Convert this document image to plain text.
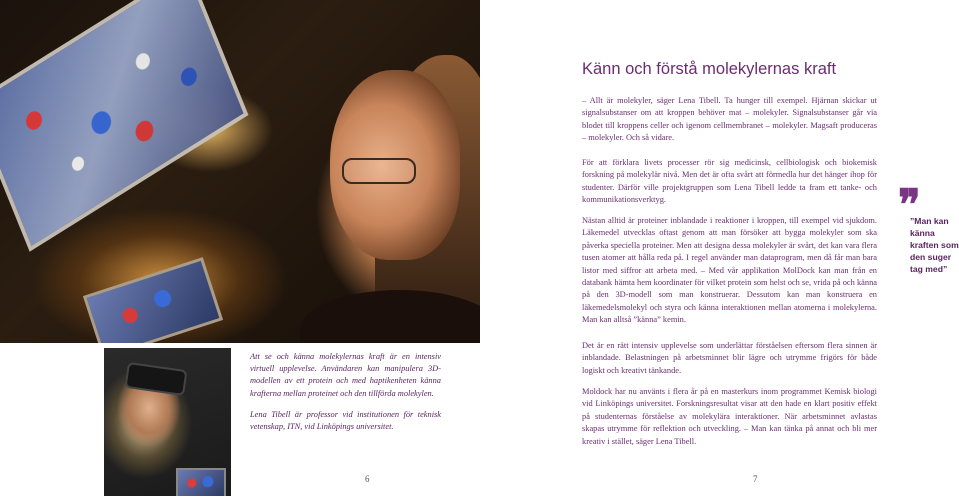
Att se och känna molekylernas kraft är en intensiv virtuell upplevelse. Användaren kan manipulera 3D-modellen av ett protein och med haptikenheten känna krafterna mellan proteinet och den tillförda molekylen.

Lena Tibell är professor vid institutionen för teknisk vetenskap, ITN, vid Linköpings universitet.

6
Känn och förstå molekylernas kraft

– Allt är molekyler, säger Lena Tibell. Ta hunger till exempel. Hjärnan skickar ut signalsubstanser om att kroppen behöver mat – molekyler. Signalsubstanser går via blodet till kroppens celler och igenom cellmembranet – molekyler. Magsaft produceras – molekyler. Och så vidare.

För att förklara livets processer rör sig medicinsk, cellbiologisk och biokemisk forskning på molekylär nivå. Men det är ofta svårt att förmedla hur det hänger ihop för studenter. Därför ville projektgruppen som Lena Tibell ledde ta fram ett tanke- och kommunikationsverktyg.

Nästan alltid är proteiner inblandade i reaktioner i kroppen, till exempel vid sjukdom. Läkemedel utvecklas oftast genom att man försöker att bygga molekyler som ska påverka speciella proteiner. Men att designa dessa molekyler är svårt, det kan vara flera tusen atomer att hålla reda på. I regel använder man dataprogram, men då får man bara listor med siffror att arbeta med. – Med vår applikation MolDock kan man från en databank hämta hem koordinater för vilket protein som helst och se, vrida på och känna på den 3D-modell som man konstruerar. Dessutom kan man konstruera en läkemedelsmolekyl och styra och känna interaktionen mellan atomerna i molekylerna. Man kan alltså ”känna” kemin.

Det är en rätt intensiv upplevelse som underlättar förståelsen eftersom flera sinnen är inblandade. Belastningen på arbetsminnet blir lägre och utrymme frigörs för både logiskt och kreativt tänkande.

Moldock har nu använts i flera år på en masterkurs inom programmet Kemisk biologi vid Linköpings universitet. Forskningsresultat visar att den hade en klart positiv effekt på studenternas förståelse av molekylära interaktioner. När arbetsminnet avlastas skapas utrymme för reflektion och utveckling. – Man kan tänka på annat och bli mer kreativ i stället, säger Lena Tibell.

❞
”Man kan känna kraften som den suger tag med”
7
